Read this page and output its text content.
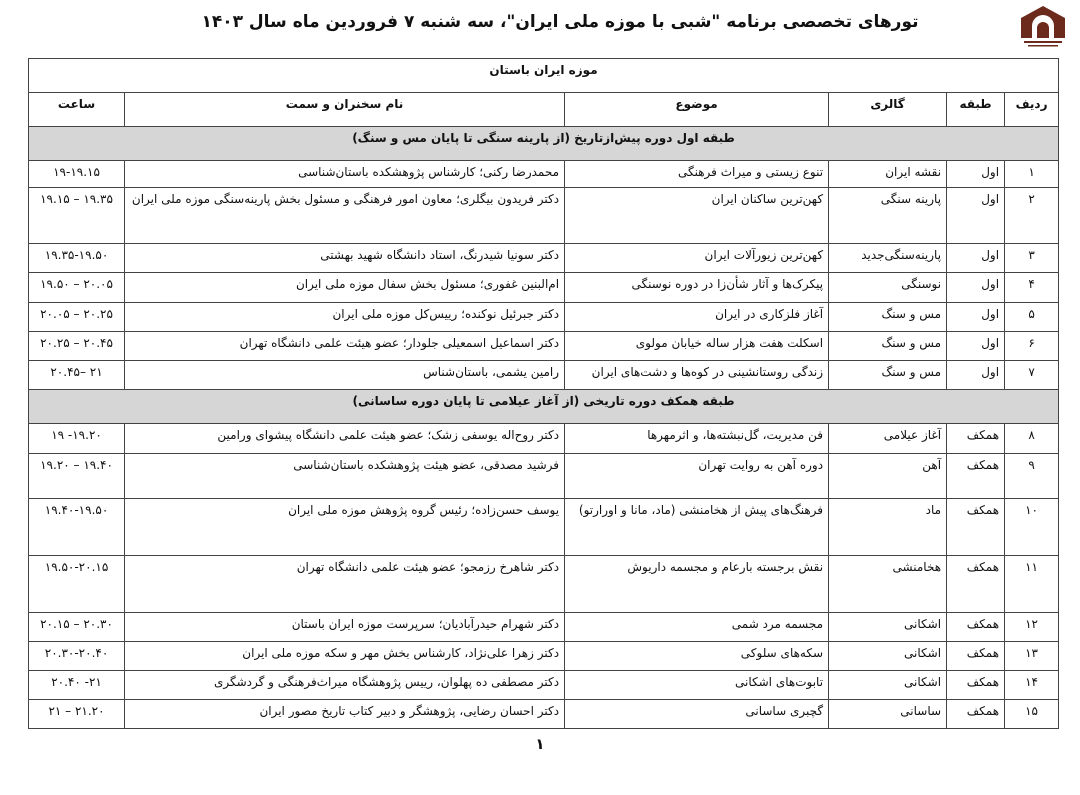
تورهای تخصصی برنامه "شبی با موزه ملی ایران"، سه شنبه ۷ فروردین ماه سال ۱۴۰۳
موزه ایران باستان					
ردیف	طبقه	گالری	موضوع	نام سخنران و سمت	ساعت
طبقه اول دوره پیش‌ازتاریخ (از پارینه سنگی تا پایان مس و سنگ)					
۱	اول	نقشه ایران	تنوع زیستی و میراث فرهنگی	محمدرضا رکنی؛ کارشناس پژوهشکده باستان‌شناسی	۱۹-۱۹.۱۵
۲	اول	پارینه سنگی	کهن‌ترین ساکنان ایران	دکتر فریدون بیگلری؛ معاون امور فرهنگی و مسئول بخش پارینه‌سنگی موزه ملی ایران	۱۹.۱۵ – ۱۹.۳۵
۳	اول	پارینه‌سنگی‌جدید	کهن‌ترین زیورآلات ایران	دکتر سونیا شیدرنگ، استاد دانشگاه شهید بهشتی	۱۹.۳۵-۱۹.۵۰
۴	اول	نوسنگی	پیکرک‌ها و آثار شأن‌زا در دوره نوسنگی	ام‌البنین غفوری؛ مسئول بخش سفال موزه ملی ایران	۱۹.۵۰ – ۲۰.۰۵
۵	اول	مس و سنگ	آغاز فلزکاری در ایران	دکتر جبرئیل نوکنده؛ رییس‌کل موزه ملی ایران	۲۰.۰۵ – ۲۰.۲۵
۶	اول	مس و سنگ	اسکلت هفت هزار ساله خیابان مولوی	دکتر اسماعیل اسمعیلی جلودار؛ عضو هیئت علمی دانشگاه تهران	۲۰.۲۵ – ۲۰.۴۵
۷	اول	مس و سنگ	زندگی روستانشینی در کوه‌ها و دشت‌های ایران	رامین یشمی، باستان‌شناس	۲۰.۴۵– ۲۱
طبقه همکف دوره تاریخی (از آغاز عیلامی تا پایان دوره ساسانی)					
۸	همکف	آغاز عیلامی	فن مدیریت، گل‌نبشته‌ها، و اثرمهرها	دکتر روح‌اله یوسفی زشک؛ عضو هیئت علمی دانشگاه پیشوای ورامین	۱۹ -۱۹.۲۰
۹	همکف	آهن	دوره آهن به روایت تهران	فرشید مصدقی، عضو هیئت پژوهشکده باستان‌شناسی	۱۹.۲۰ – ۱۹.۴۰
۱۰	همکف	ماد	فرهنگ‌های پیش از هخامنشی (ماد، مانا و اورارتو)	یوسف حسن‌زاده؛ رئیس گروه پژوهش موزه ملی ایران	۱۹.۴۰-۱۹.۵۰
۱۱	همکف	هخامنشی	نقش برجسته بارعام و مجسمه داریوش	دکتر شاهرخ رزمجو؛ عضو هیئت علمی دانشگاه تهران	۱۹.۵۰-۲۰.۱۵
۱۲	همکف	اشکانی	مجسمه مرد شمی	دکتر شهرام حیدرآبادیان؛ سرپرست موزه ایران باستان	۲۰.۱۵ – ۲۰.۳۰
۱۳	همکف	اشکانی	سکه‌های سلوکی	دکتر زهرا علی‌نژاد، کارشناس بخش مهر و سکه موزه ملی ایران	۲۰.۳۰-۲۰.۴۰
۱۴	همکف	اشکانی	تابوت‌های اشکانی	دکتر مصطفی ده پهلوان، رییس پژوهشگاه میراث‌فرهنگی و گردشگری	۲۰.۴۰ -۲۱
۱۵	همکف	ساسانی	گچبری ساسانی	دکتر احسان رضایی، پژوهشگر و دبیر کتاب تاریخ مصور ایران	۲۱ – ۲۱.۲۰
۱
